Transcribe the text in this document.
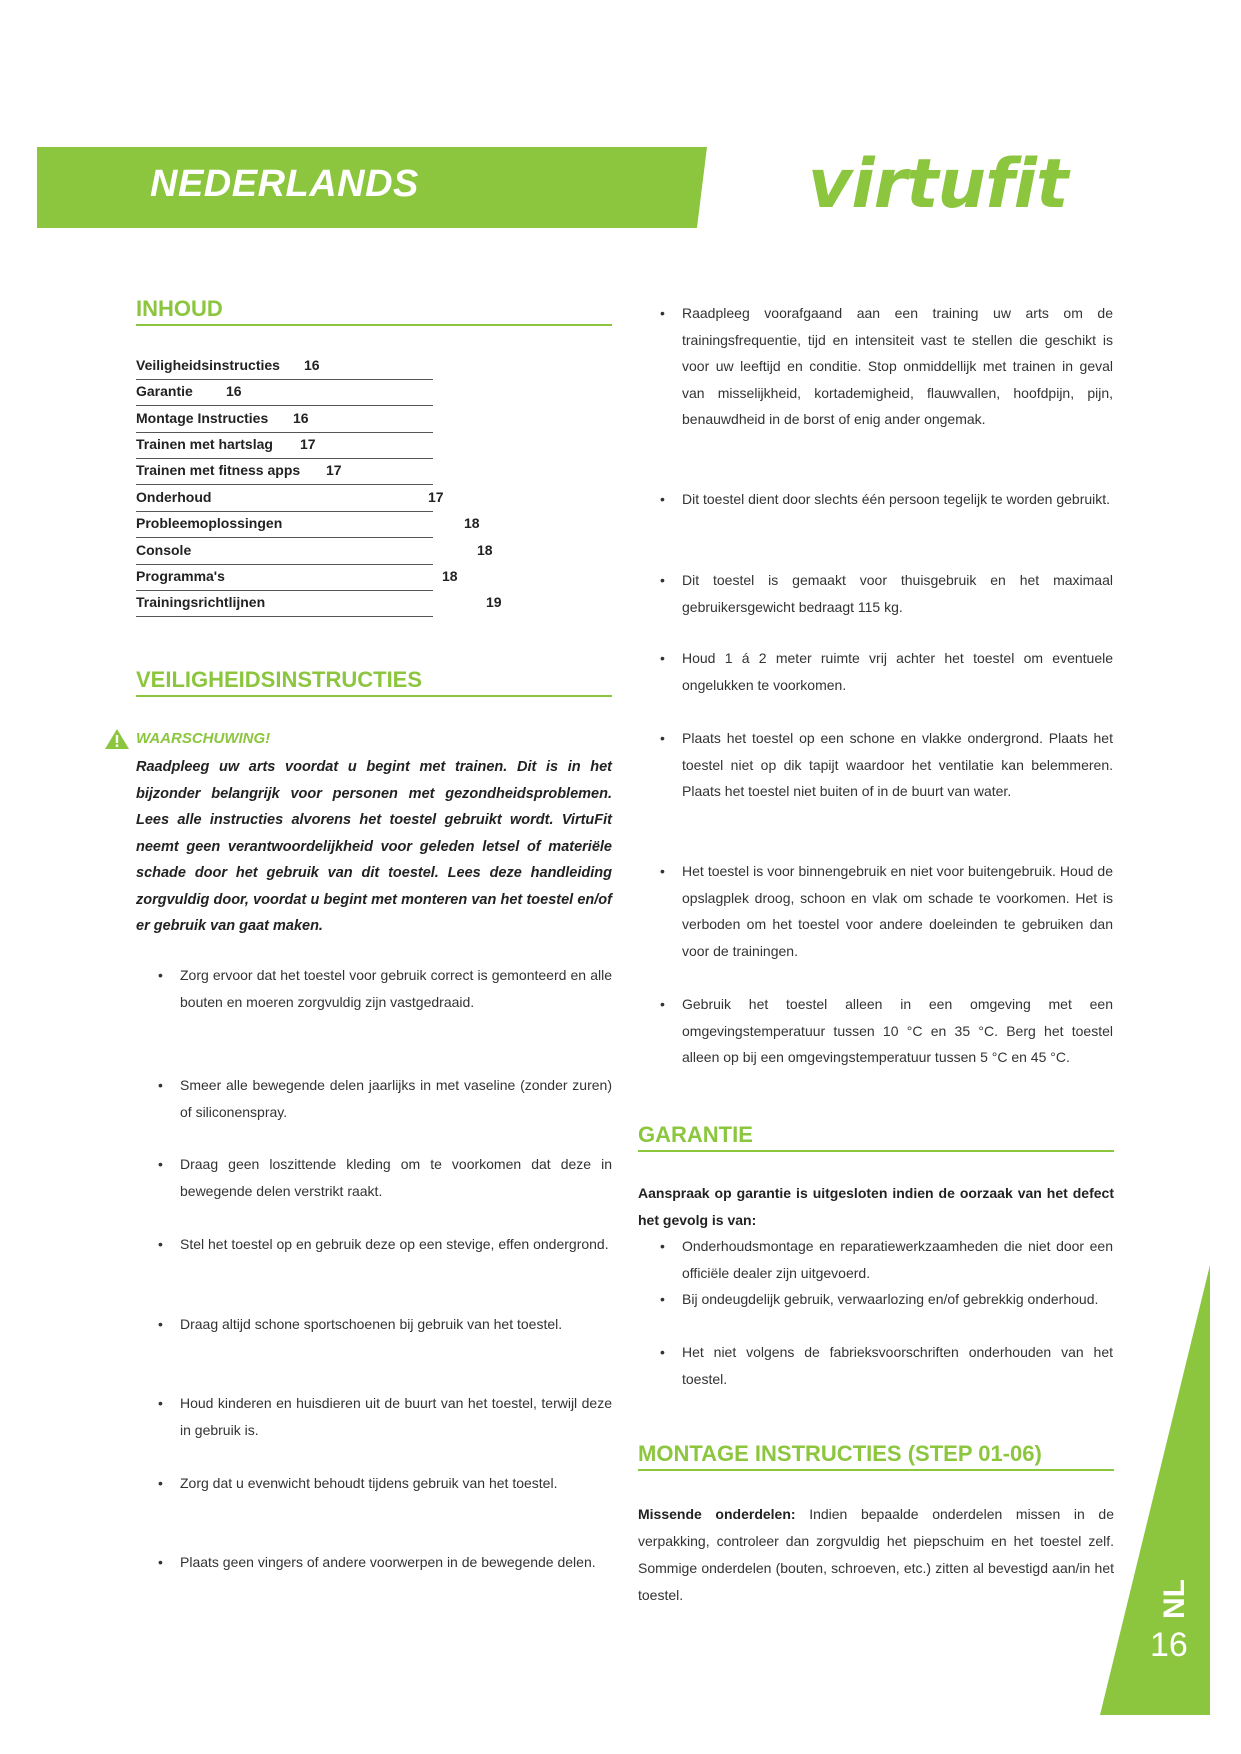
NEDERLANDS	virtufit
INHOUD
Veiligheidsinstructies 16
Garantie 16
Montage Instructies 16
Trainen met hartslag 17
Trainen met fitness apps 17
Onderhoud	17
Probleemoplossingen	18
Console	18
Programma's	18
Trainingsrichtlijnen	19
VEILIGHEIDSINSTRUCTIES
WAARSCHUWING!
Raadpleeg uw arts voordat u begint met trainen. Dit is in het bijzonder belangrijk voor personen met gezondheidsproblemen. Lees alle instructies alvorens het toestel gebruikt wordt. VirtuFit neemt geen verantwoordelijkheid voor geleden letsel of materiële schade door het gebruik van dit toestel. Lees deze handleiding zorgvuldig door, voordat u begint met monteren van het toestel en/of er gebruik van gaat maken.
• Zorg ervoor dat het toestel voor gebruik correct is gemonteerd en alle bouten en moeren zorgvuldig zijn vastgedraaid.
• Smeer alle bewegende delen jaarlijks in met vaseline (zonder zuren) of siliconenspray.
• Draag geen loszittende kleding om te voorkomen dat deze in bewegende delen verstrikt raakt.
• Stel het toestel op en gebruik deze op een stevige, effen ondergrond.
• Draag altijd schone sportschoenen bij gebruik van het toestel.
• Houd kinderen en huisdieren uit de buurt van het toestel, terwijl deze in gebruik is.
• Zorg dat u evenwicht behoudt tijdens gebruik van het toestel.
• Plaats geen vingers of andere voorwerpen in de bewegende delen.
• Raadpleeg voorafgaand aan een training uw arts om de trainingsfrequentie, tijd en intensiteit vast te stellen die geschikt is voor uw leeftijd en conditie. Stop onmiddellijk met trainen in geval van misselijkheid, kortademigheid, flauwvallen, hoofdpijn, pijn, benauwdheid in de borst of enig ander ongemak.
• Dit toestel dient door slechts één persoon tegelijk te worden gebruikt.
• Dit toestel is gemaakt voor thuisgebruik en het maximaal gebruikersgewicht bedraagt 115 kg.
• Houd 1 á 2 meter ruimte vrij achter het toestel om eventuele ongelukken te voorkomen.
• Plaats het toestel op een schone en vlakke ondergrond. Plaats het toestel niet op dik tapijt waardoor het ventilatie kan belemmeren. Plaats het toestel niet buiten of in de buurt van water.
• Het toestel is voor binnengebruik en niet voor buitengebruik. Houd de opslagplek droog, schoon en vlak om schade te voorkomen. Het is verboden om het toestel voor andere doeleinden te gebruiken dan voor de trainingen.
• Gebruik het toestel alleen in een omgeving met een omgevingstemperatuur tussen 10 °C en 35 °C. Berg het toestel alleen op bij een omgevingstemperatuur tussen 5 °C en 45 °C.
GARANTIE
Aanspraak op garantie is uitgesloten indien de oorzaak van het defect het gevolg is van:
• Onderhoudsmontage en reparatiewerkzaamheden die niet door een officiële dealer zijn uitgevoerd.
• Bij ondeugdelijk gebruik, verwaarlozing en/of gebrekkig onderhoud.
• Het niet volgens de fabrieksvoorschriften onderhouden van het toestel.
MONTAGE INSTRUCTIES (STEP 01-06)
Missende onderdelen: Indien bepaalde onderdelen missen in de verpakking, controleer dan zorgvuldig het piepschuim en het toestel zelf. Sommige onderdelen (bouten, schroeven, etc.) zitten al bevestigd aan/in het toestel.	NL
16
